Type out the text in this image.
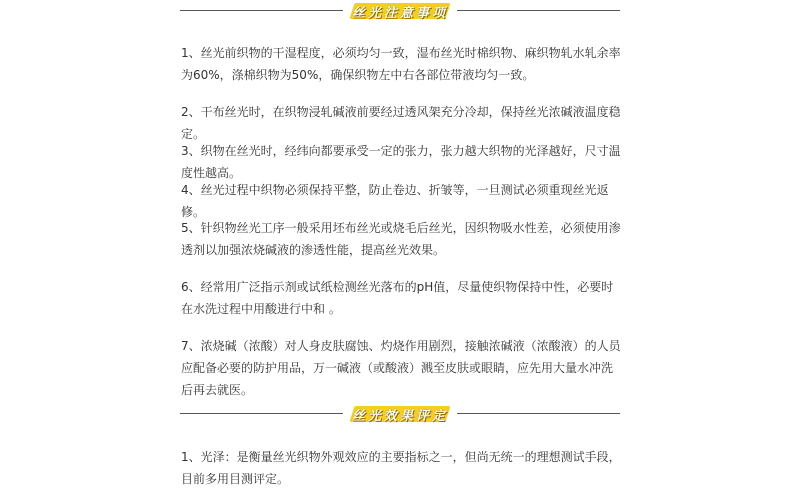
丝光注意事项

1、丝光前织物的干湿程度，必须均匀一致，湿布丝光时棉织物、麻织物轧水轧余率为60%，涤棉织物为50%，确保织物左中右各部位带液均匀一致。

2、干布丝光时，在织物浸轧碱液前要经过透风架充分冷却，保持丝光浓碱液温度稳定。

3、织物在丝光时，经纬向都要承受一定的张力，张力越大织物的光泽越好，尺寸温度性越高。

4、丝光过程中织物必须保持平整，防止卷边、折皱等，一旦测试必须重现丝光返修。

5、针织物丝光工序一般采用坯布丝光或烧毛后丝光，因织物吸水性差，必须使用渗透剂以加强浓烧碱液的渗透性能，提高丝光效果。

6、经常用广泛指示剂或试纸检测丝光落布的pH值，尽量使织物保持中性，必要时在水洗过程中用酸进行中和 。

7、浓烧碱（浓酸）对人身皮肤腐蚀、灼烧作用剧烈，接触浓碱液（浓酸液）的人员应配备必要的防护用品，万一碱液（或酸液）溅至皮肤或眼睛，应先用大量水冲洗后再去就医。

丝光效果评定

1、光泽：是衡量丝光织物外观效应的主要指标之一，但尚无统一的理想测试手段，目前多用目测评定。
